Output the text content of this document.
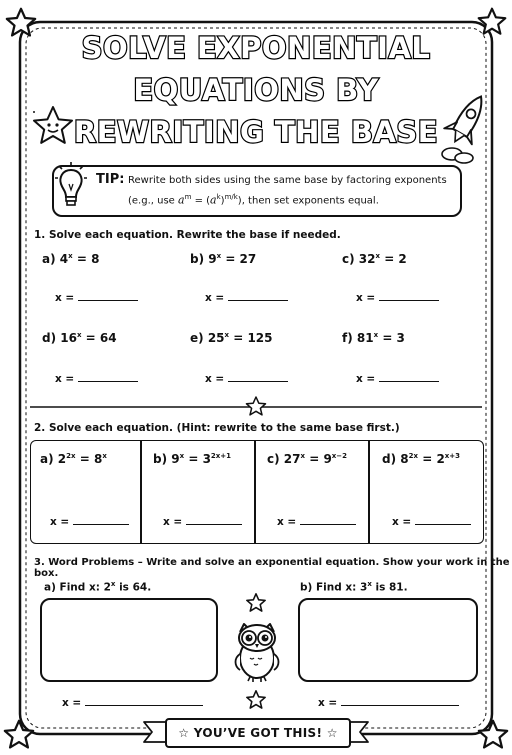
SOLVE EXPONENTIAL
EQUATIONS BY
REWRITING THE BASE
TIP: Rewrite both sides using the same base by factoring exponents
(e.g., use $a^m = (a^k)^{m/k}$), then set exponents equal.
1. Solve each equation. Rewrite the base if needed.
a) $4^x = 8$	b) $9^x = 27$	c) $32^x = 2$
x =	x =	x =
d) $16^x = 64$	e) $25^x = 125$	f) $81^x = 3$
x =	x =	x =
2. Solve each equation. (Hint: rewrite to the same base first.)
a) $2^{2x} = 8^x$	b) $9^x = 3^{2x+1}$	c) $27^x = 9^{x-2}$	d) $8^{2x} = 2^{x+3}$
x =	x =	x =	x =
3. Word Problems – Write and solve an exponential equation. Show your work in the box.
a) Find x: 2$^x$ is 64.	b) Find x: 3$^x$ is 81.
x =	x =
☆ YOU’VE GOT THIS! ☆
